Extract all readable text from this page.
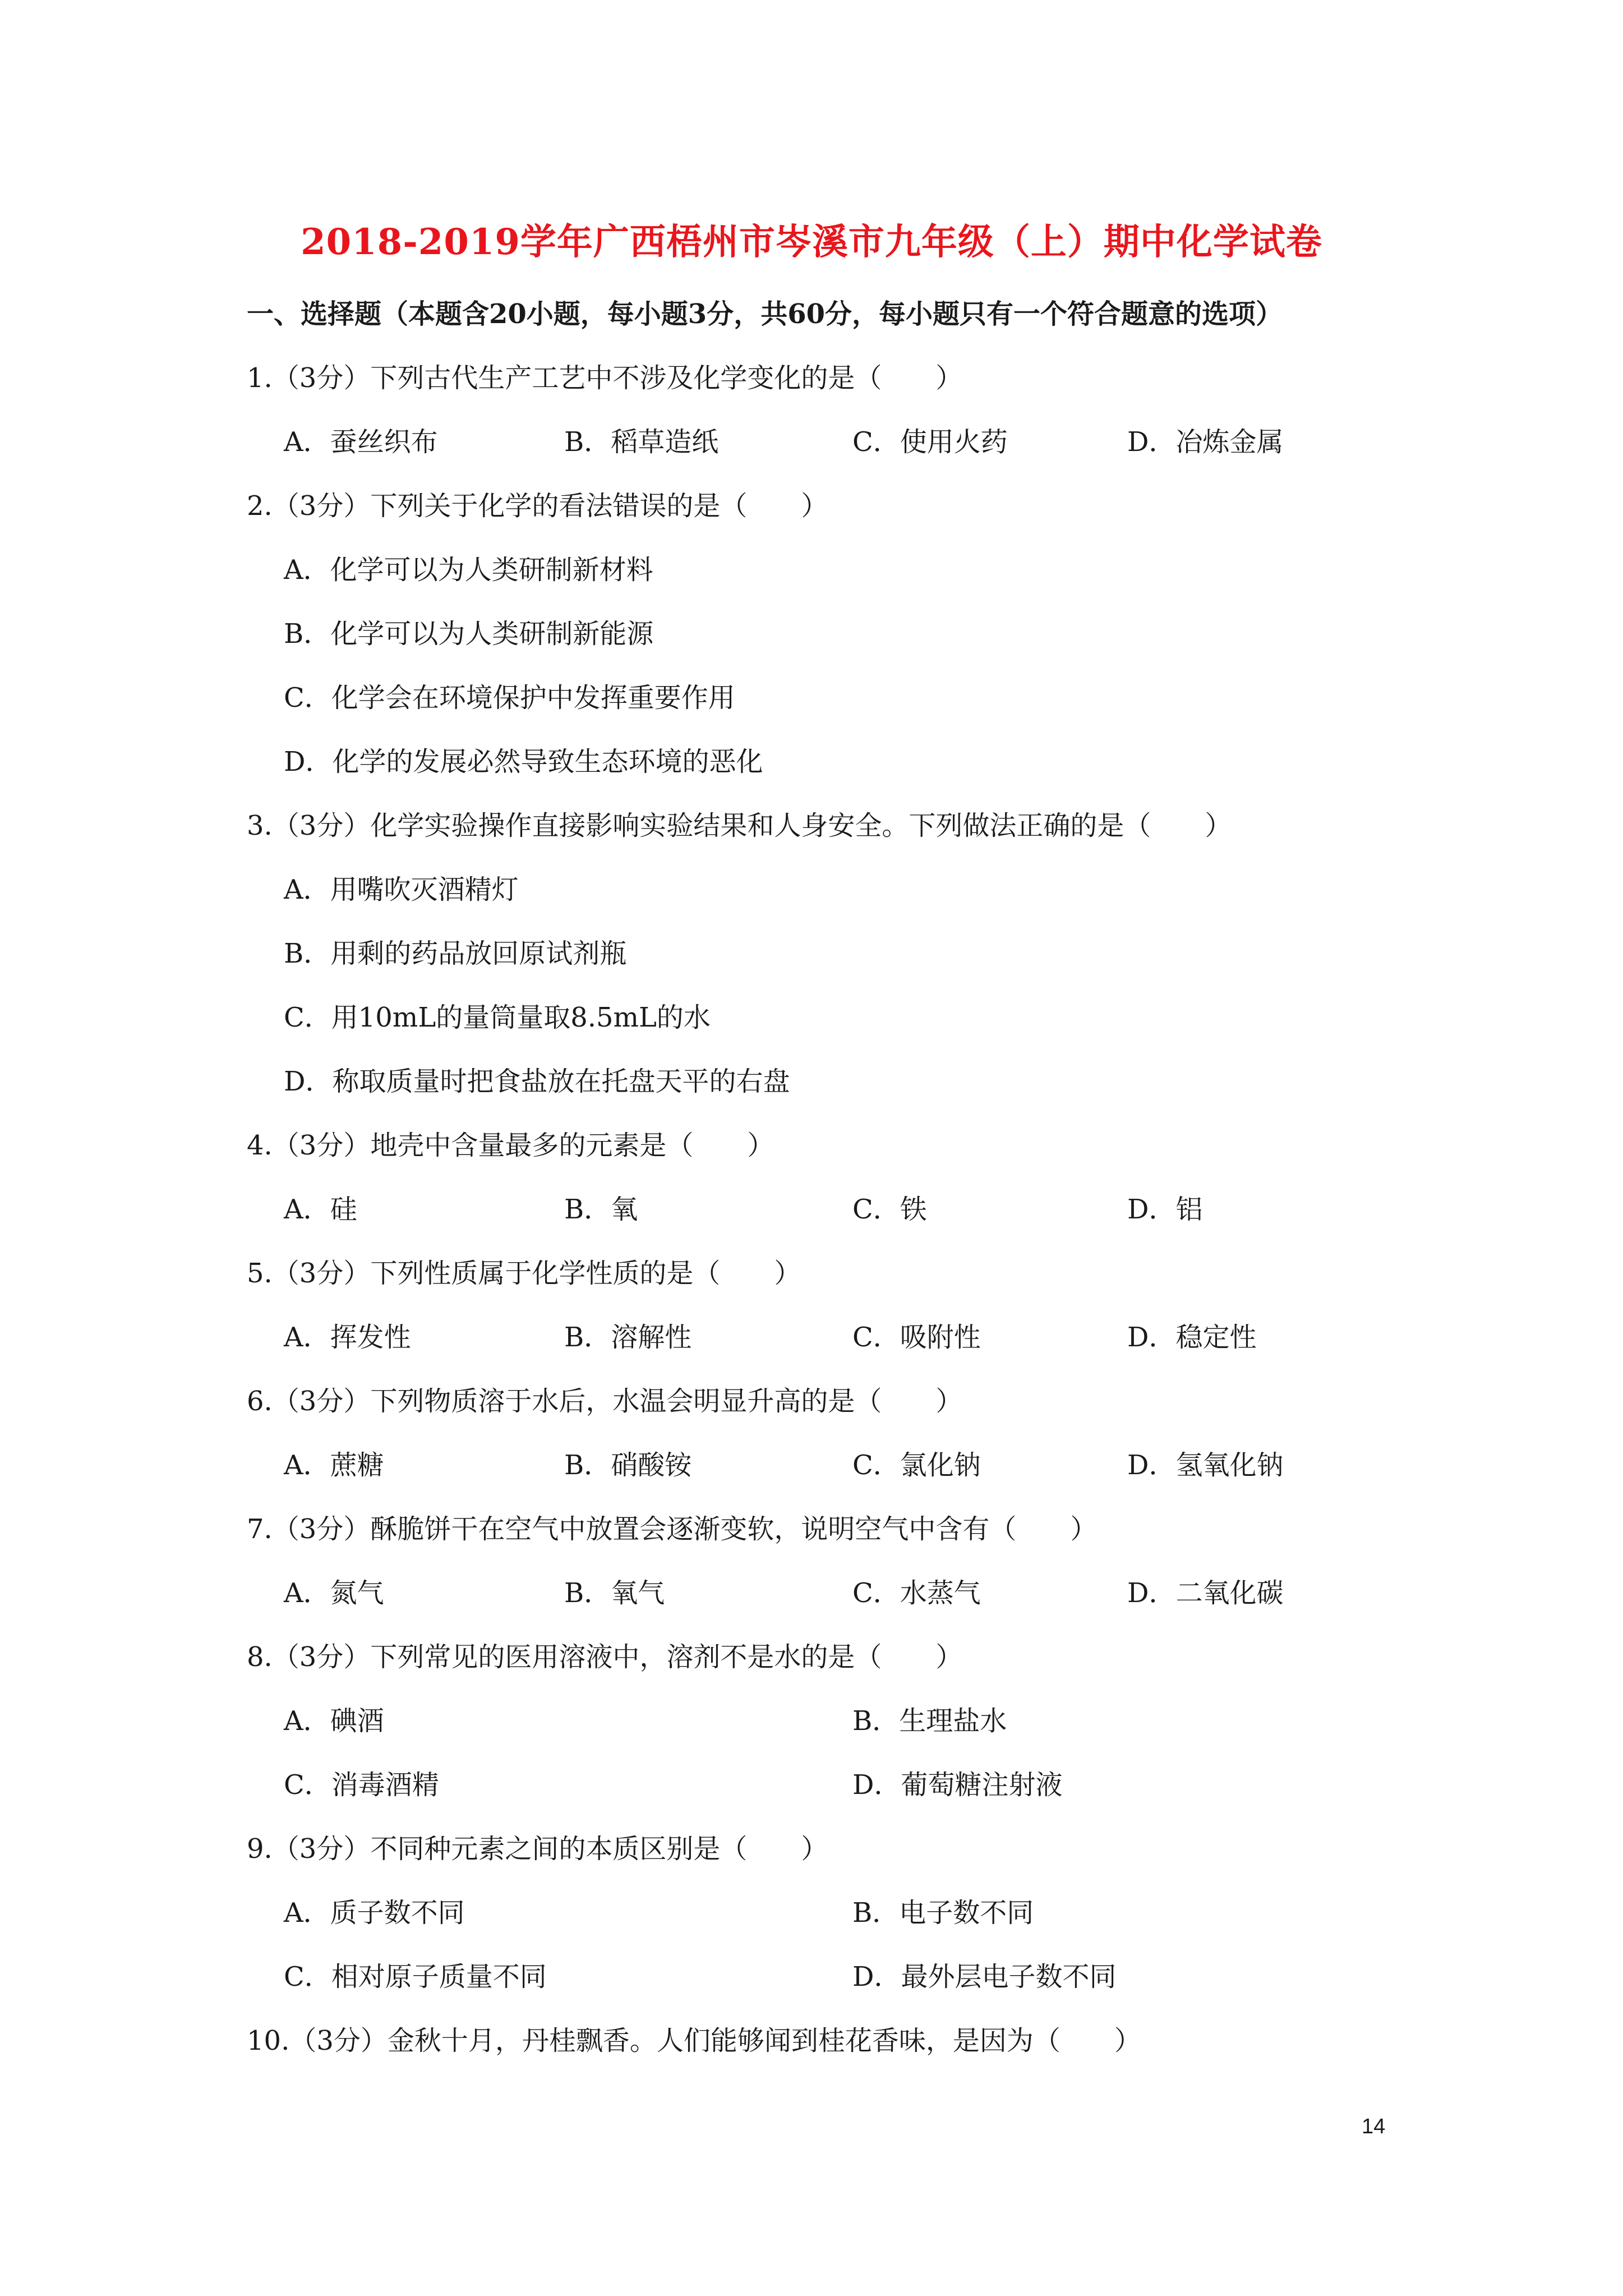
2018-2019学年广西梧州市岑溪市九年级（上）期中化学试卷
一、选择题（本题含20小题，每小题3分，共60分，每小题只有一个符合题意的选项）
1.（3分）下列古代生产工艺中不涉及化学变化的是（　　）
A．蚕丝织布	B．稻草造纸	C．使用火药	D．冶炼金属
2.（3分）下列关于化学的看法错误的是（　　）
A．化学可以为人类研制新材料
B．化学可以为人类研制新能源
C．化学会在环境保护中发挥重要作用
D．化学的发展必然导致生态环境的恶化
3.（3分）化学实验操作直接影响实验结果和人身安全。下列做法正确的是（　　）
A．用嘴吹灭酒精灯
B．用剩的药品放回原试剂瓶
C．用10mL的量筒量取8.5mL的水
D．称取质量时把食盐放在托盘天平的右盘
4.（3分）地壳中含量最多的元素是（　　）
A．硅	B．氧	C．铁	D．铝
5.（3分）下列性质属于化学性质的是（　　）
A．挥发性	B．溶解性	C．吸附性	D．稳定性
6.（3分）下列物质溶于水后，水温会明显升高的是（　　）
A．蔗糖	B．硝酸铵	C．氯化钠	D．氢氧化钠
7.（3分）酥脆饼干在空气中放置会逐渐变软，说明空气中含有（　　）
A．氮气	B．氧气	C．水蒸气	D．二氧化碳
8.（3分）下列常见的医用溶液中，溶剂不是水的是（　　）
A．碘酒	B．生理盐水
C．消毒酒精	D．葡萄糖注射液
9.（3分）不同种元素之间的本质区别是（　　）
A．质子数不同	B．电子数不同
C．相对原子质量不同	D．最外层电子数不同
10.（3分）金秋十月，丹桂飘香。人们能够闻到桂花香味，是因为（　　）
14
